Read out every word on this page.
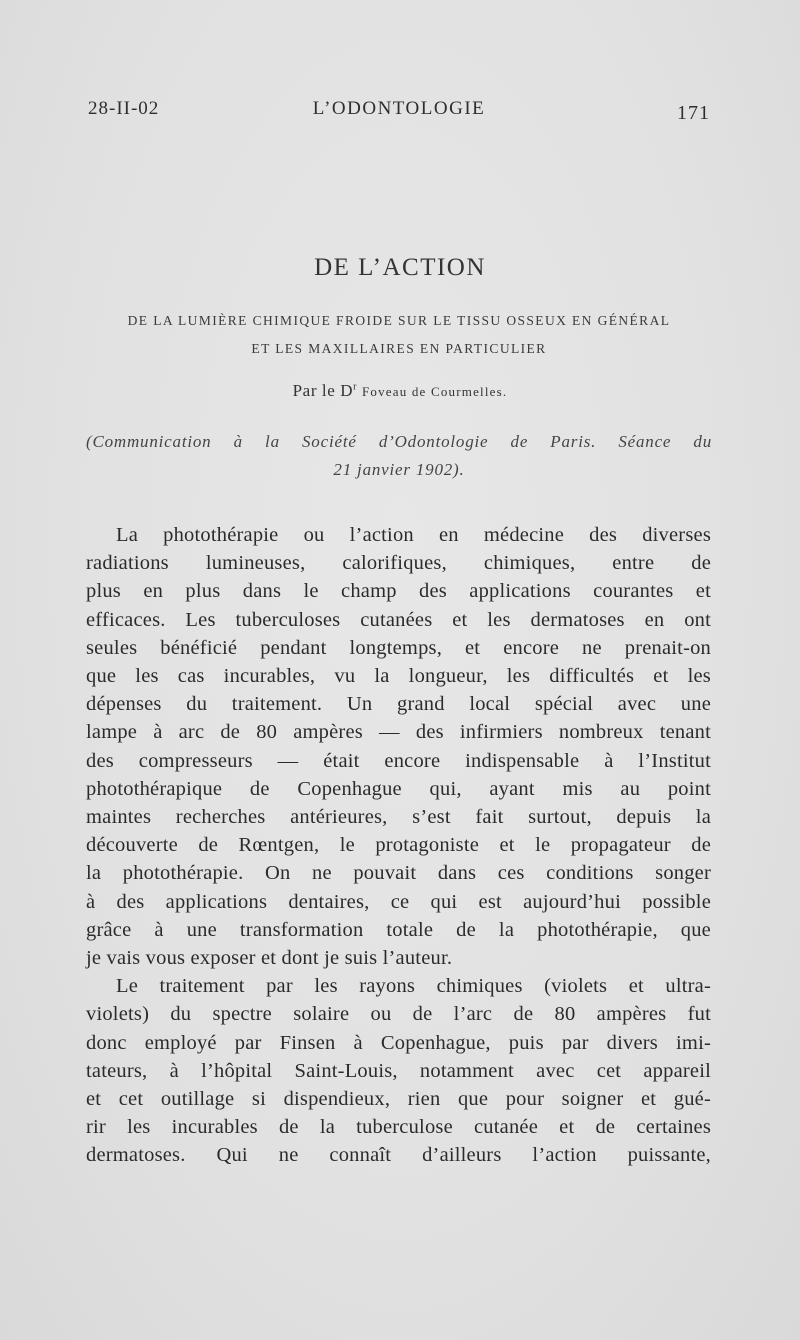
28-II-02	L’ODONTOLOGIE	171
DE L’ACTION
DE LA LUMIÈRE CHIMIQUE FROIDE SUR LE TISSU OSSEUX EN GÉNÉRAL
ET LES MAXILLAIRES EN PARTICULIER
Par le $D^r$ Foveau de Courmelles.
(Communication à la Société d’Odontologie de Paris. Séance du
21 janvier 1902).
La photothérapie ou l’action en médecine des diverses
radiations lumineuses, calorifiques, chimiques, entre de
plus en plus dans le champ des applications courantes et
efficaces. Les tuberculoses cutanées et les dermatoses en ont
seules bénéficié pendant longtemps, et encore ne prenait-on
que les cas incurables, vu la longueur, les difficultés et les
dépenses du traitement. Un grand local spécial avec une
lampe à arc de 80 ampères — des infirmiers nombreux tenant
des compresseurs — était encore indispensable à l’Institut
photothérapique de Copenhague qui, ayant mis au point
maintes recherches antérieures, s’est fait surtout, depuis la
découverte de Rœntgen, le protagoniste et le propagateur de
la photothérapie. On ne pouvait dans ces conditions songer
à des applications dentaires, ce qui est aujourd’hui possible
grâce à une transformation totale de la photothérapie, que
je vais vous exposer et dont je suis l’auteur.
Le traitement par les rayons chimiques (violets et ultra-
violets) du spectre solaire ou de l’arc de 80 ampères fut
donc employé par Finsen à Copenhague, puis par divers imi-
tateurs, à l’hôpital Saint-Louis, notamment avec cet appareil
et cet outillage si dispendieux, rien que pour soigner et gué-
rir les incurables de la tuberculose cutanée et de certaines
dermatoses. Qui ne connaît d’ailleurs l’action puissante,
